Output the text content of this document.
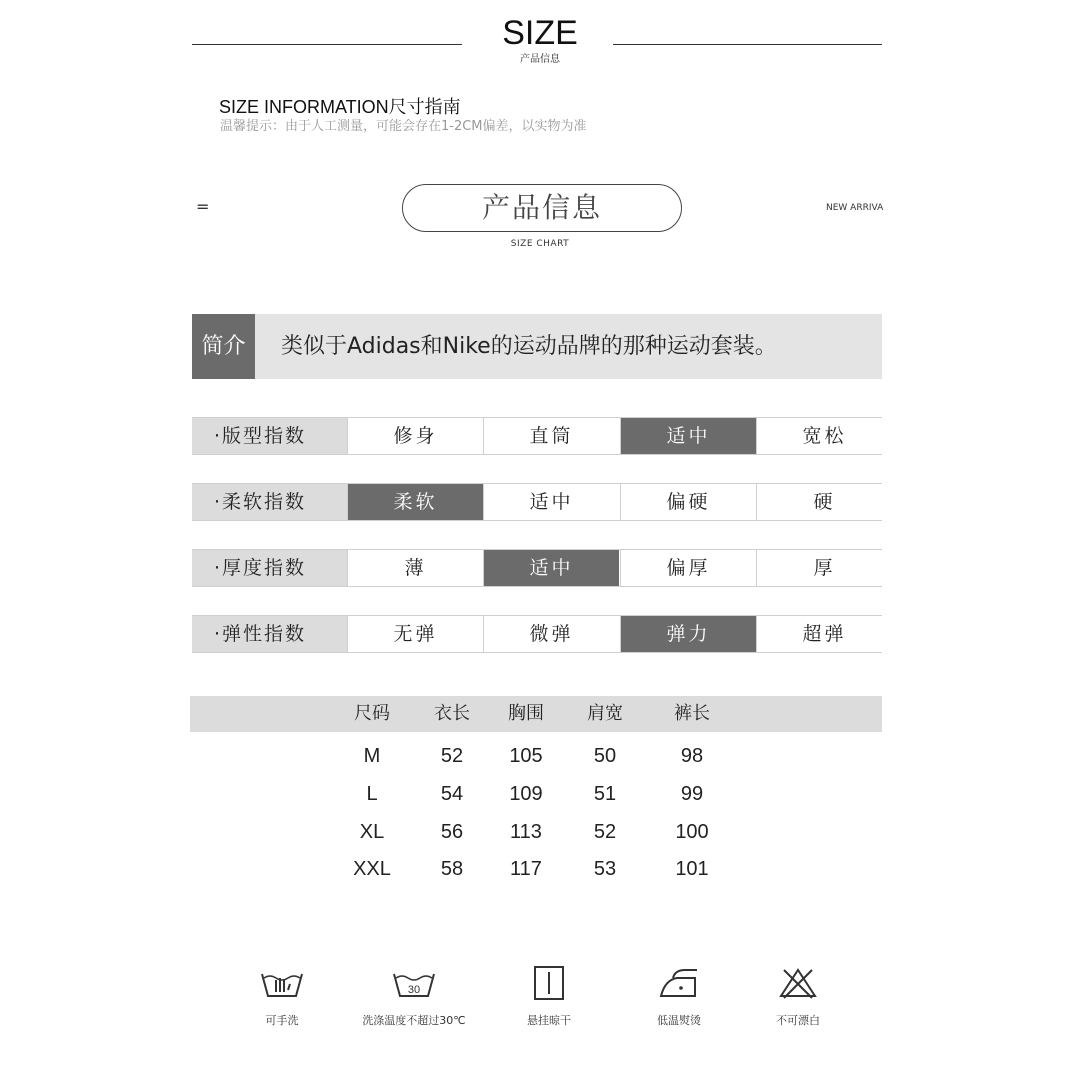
SIZE
产品信息
SIZE INFORMATION尺寸指南
温馨提示：由于人工测量，可能会存在1-2CM偏差，以实物为准
=	产品信息
SIZE CHART
NEW ARRIVA
简介	类似于Adidas和Nike的运动品牌的那种运动套装。
·版型指数	修身	直筒	适中	宽松
·柔软指数	柔软	适中	偏硬	硬
·厚度指数	薄	适中	偏厚	厚
·弹性指数	无弹	微弹	弹力	超弹
尺码	衣长	胸围	肩宽	裤长
M	52	105	50	98
L	54	109	51	99
XL	56	113	52	100
XXL	58	117	53	101
可手洗
30
洗涤温度不超过30℃	悬挂晾干	低温熨烫	不可漂白
